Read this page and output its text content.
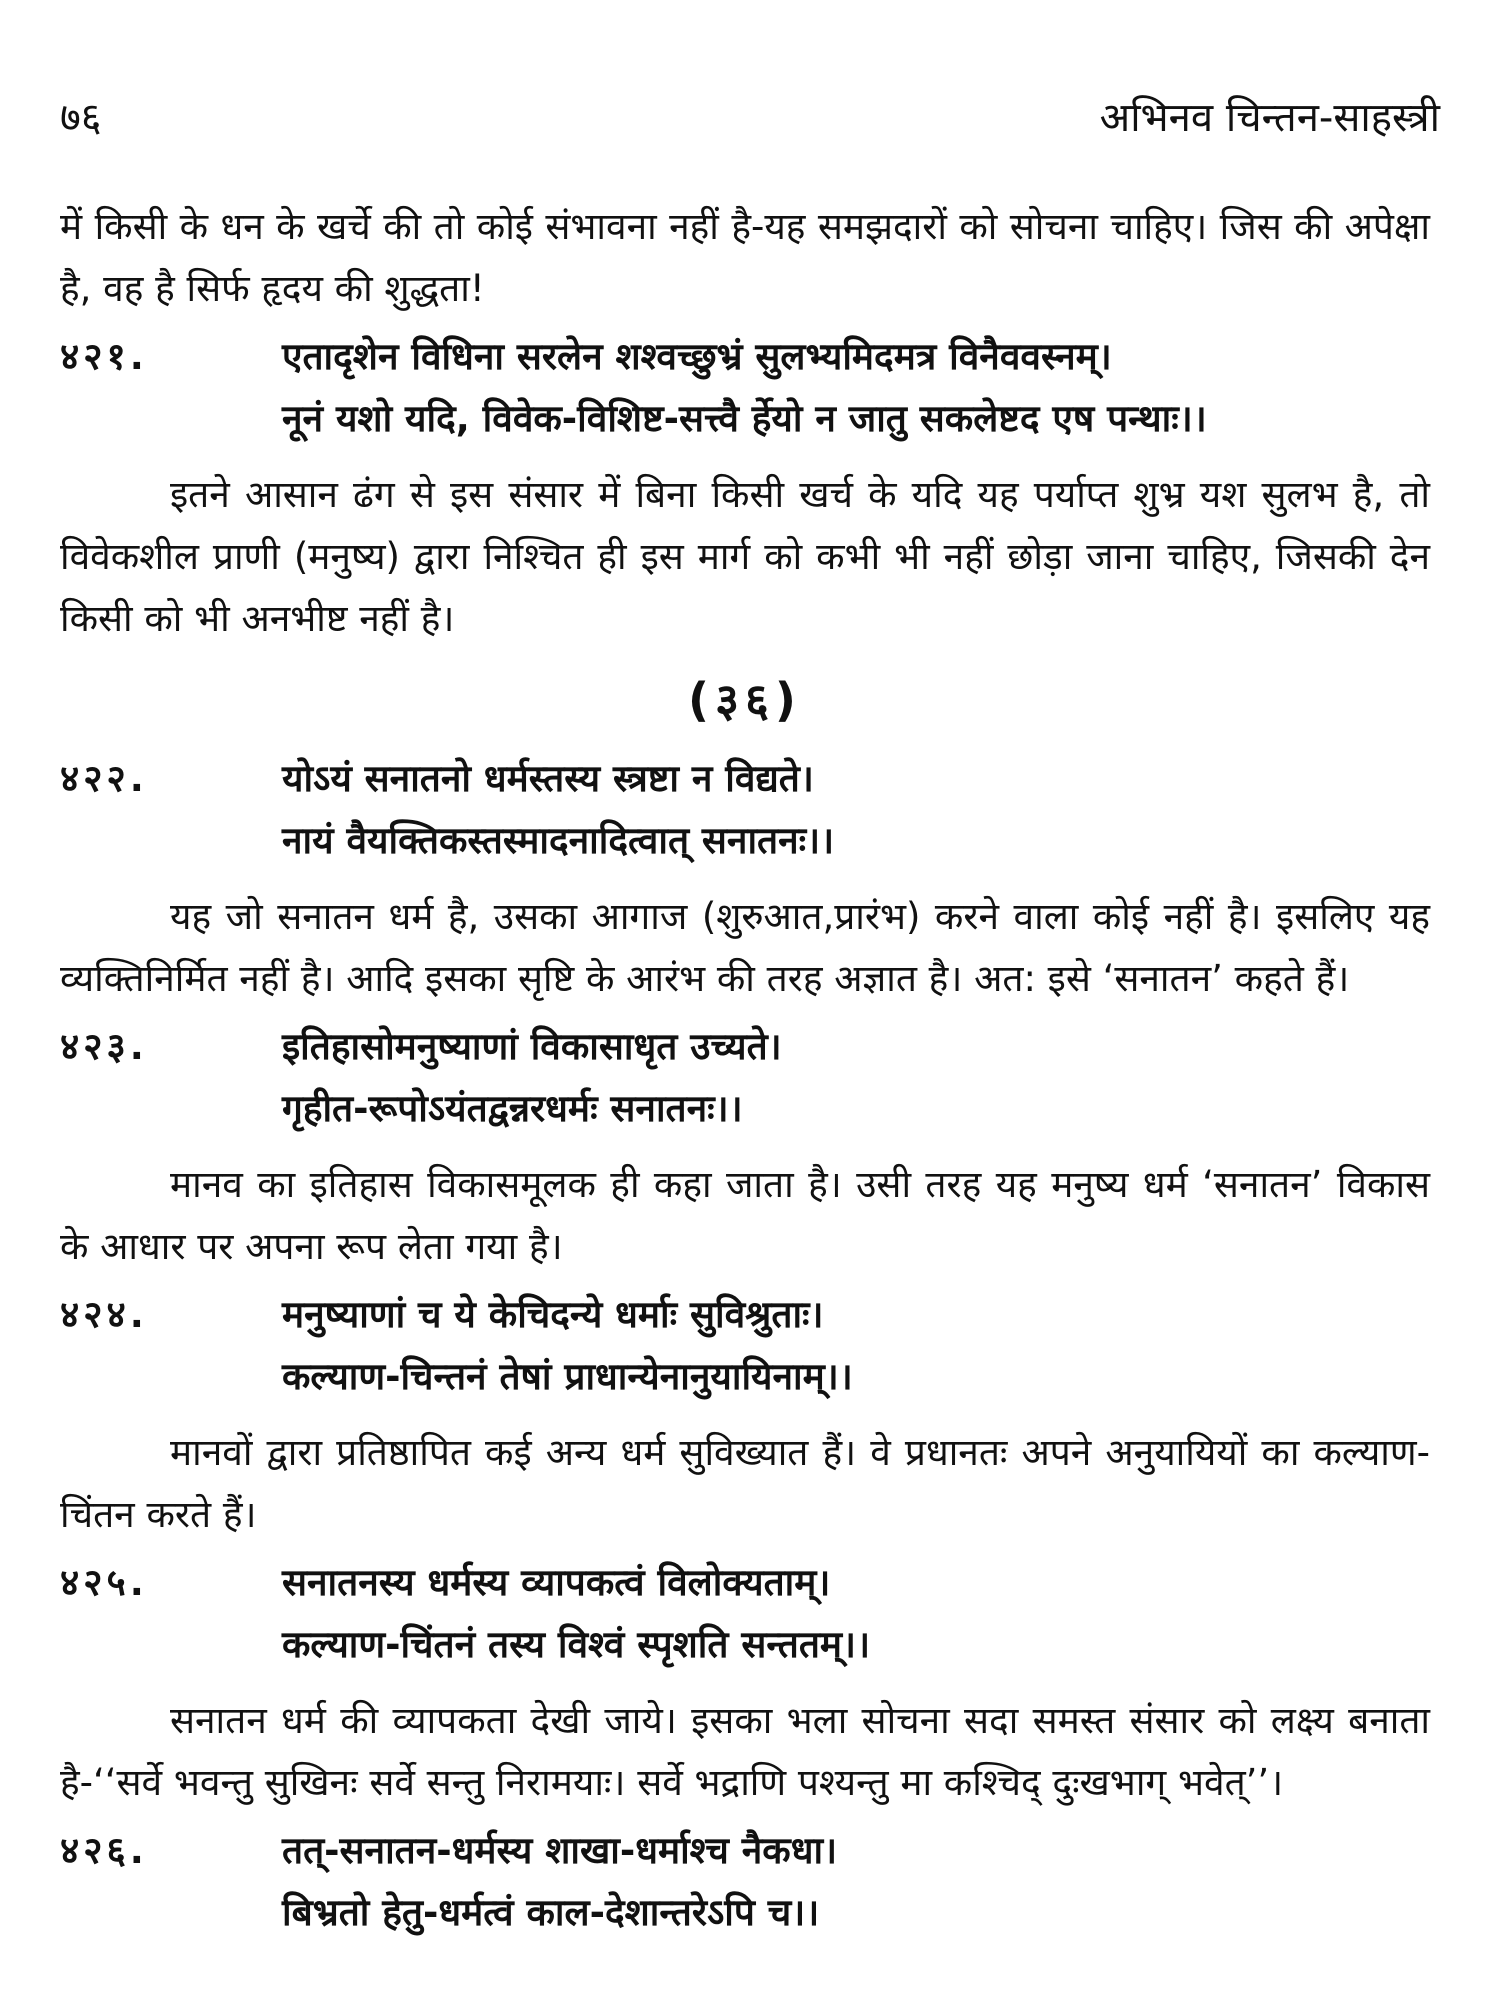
७६	अभिनव चिन्तन-साहस्त्री

में किसी के धन के खर्चे की तो कोई संभावना नहीं है-यह समझदारों को सोचना चाहिए। जिस की अपेक्षा है, वह है सिर्फ हृदय की शुद्धता!

४२१.	एतादृशेन विधिना सरलेन शश्वच्छुभ्रं सुलभ्यमिदमत्र विनैववस्नम्।
नूनं यशो यदि, विवेक-विशिष्ट-सत्त्वै र्हेयो न जातु सकलेष्टद एष पन्थाः।।

इतने आसान ढंग से इस संसार में बिना किसी खर्च के यदि यह पर्याप्त शुभ्र यश सुलभ है, तो विवेकशील प्राणी (मनुष्य) द्वारा निश्चित ही इस मार्ग को कभी भी नहीं छोड़ा जाना चाहिए, जिसकी देन किसी को भी अनभीष्ट नहीं है।

(३६)
४२२.	योऽयं सनातनो धर्मस्तस्य स्त्रष्टा न विद्यते।
नायं वैयक्तिकस्तस्मादनादित्वात् सनातनः।।

यह जो सनातन धर्म है, उसका आगाज (शुरुआत,प्रारंभ) करने वाला कोई नहीं है। इसलिए यह व्यक्तिनिर्मित नहीं है। आदि इसका सृष्टि के आरंभ की तरह अज्ञात है। अत: इसे ‘सनातन’ कहते हैं।

४२३.	इतिहासोमनुष्याणां विकासाधृत उच्यते।
गृहीत-रूपोऽयंतद्वन्नरधर्मः सनातनः।।

मानव का इतिहास विकासमूलक ही कहा जाता है। उसी तरह यह मनुष्य धर्म ‘सनातन’ विकास के आधार पर अपना रूप लेता गया है।

४२४.	मनुष्याणां च ये केचिदन्ये धर्माः सुविश्रुताः।
कल्याण-चिन्तनं तेषां प्राधान्येनानुयायिनाम्।।

मानवों द्वारा प्रतिष्ठापित कई अन्य धर्म सुविख्यात हैं। वे प्रधानतः अपने अनुयायियों का कल्याण-चिंतन करते हैं।

४२५.	सनातनस्य धर्मस्य व्यापकत्वं विलोक्यताम्।
कल्याण-चिंतनं तस्य विश्वं स्पृशति सन्ततम्।।

सनातन धर्म की व्यापकता देखी जाये। इसका भला सोचना सदा समस्त संसार को लक्ष्य बनाता है-‘‘सर्वे भवन्तु सुखिनः सर्वे सन्तु निरामयाः। सर्वे भद्राणि पश्यन्तु मा कश्चिद् दुःखभाग् भवेत्’’।

४२६.	तत्-सनातन-धर्मस्य शाखा-धर्माश्च नैकधा।
बिभ्रतो हेतु-धर्मत्वं काल-देशान्तरेऽपि च।।
